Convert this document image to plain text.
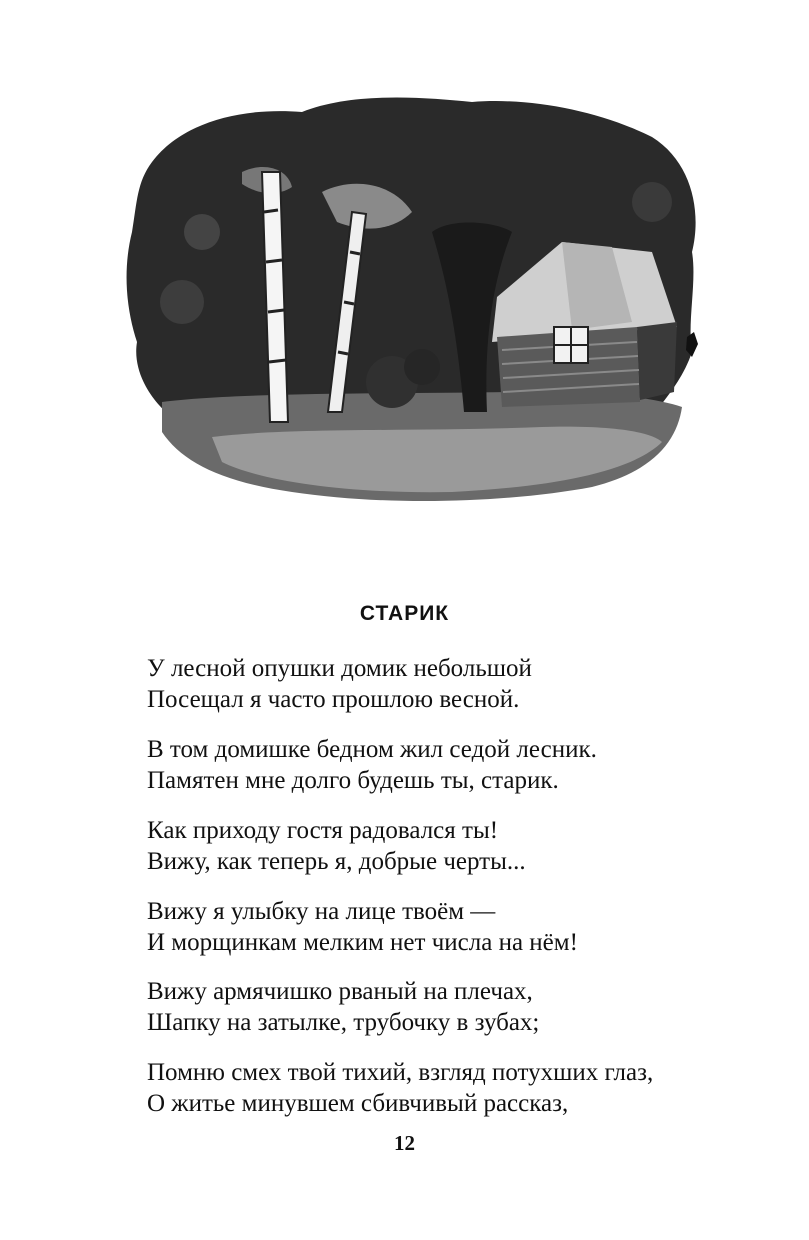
СТАРИК
У лесной опушки домик небольшой
Посещал я часто прошлою весной.
В том домишке бедном жил седой лесник.
Памятен мне долго будешь ты, старик.
Как приходу гостя радовался ты!
Вижу, как теперь я, добрые черты...
Вижу я улыбку на лице твоём —
И морщинкам мелким нет числа на нём!
Вижу армячишко рваный на плечах,
Шапку на затылке, трубочку в зубах;
Помню смех твой тихий, взгляд потухших глаз,
О житье минувшем сбивчивый рассказ,
12
